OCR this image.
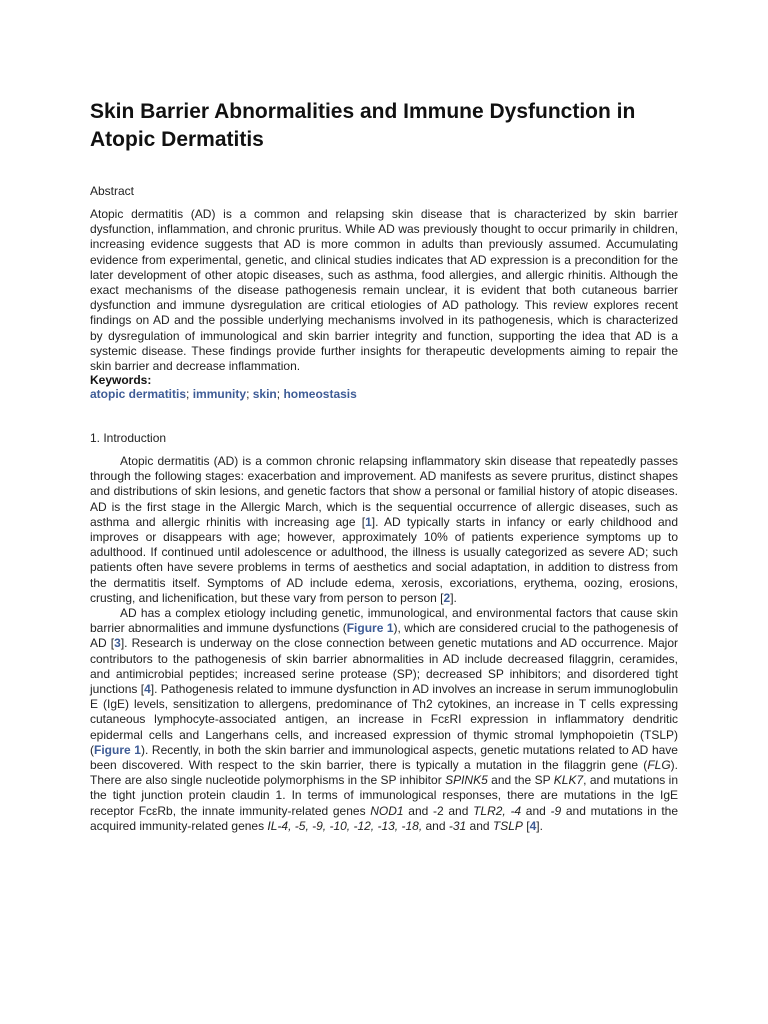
Skin Barrier Abnormalities and Immune Dysfunction in Atopic Dermatitis
Abstract

Atopic dermatitis (AD) is a common and relapsing skin disease that is characterized by skin barrier dysfunction, inflammation, and chronic pruritus. While AD was previously thought to occur primarily in children, increasing evidence suggests that AD is more common in adults than previously assumed. Accumulating evidence from experimental, genetic, and clinical studies indicates that AD expression is a precondition for the later development of other atopic diseases, such as asthma, food allergies, and allergic rhinitis. Although the exact mechanisms of the disease pathogenesis remain unclear, it is evident that both cutaneous barrier dysfunction and immune dysregulation are critical etiologies of AD pathology. This review explores recent findings on AD and the possible underlying mechanisms involved in its pathogenesis, which is characterized by dysregulation of immunological and skin barrier integrity and function, supporting the idea that AD is a systemic disease. These findings provide further insights for therapeutic developments aiming to repair the skin barrier and decrease inflammation.

Keywords:
atopic dermatitis; immunity; skin; homeostasis
1. Introduction

Atopic dermatitis (AD) is a common chronic relapsing inflammatory skin disease that repeatedly passes through the following stages: exacerbation and improvement. AD manifests as severe pruritus, distinct shapes and distributions of skin lesions, and genetic factors that show a personal or familial history of atopic diseases. AD is the first stage in the Allergic March, which is the sequential occurrence of allergic diseases, such as asthma and allergic rhinitis with increasing age [1]. AD typically starts in infancy or early childhood and improves or disappears with age; however, approximately 10% of patients experience symptoms up to adulthood. If continued until adolescence or adulthood, the illness is usually categorized as severe AD; such patients often have severe problems in terms of aesthetics and social adaptation, in addition to distress from the dermatitis itself. Symptoms of AD include edema, xerosis, excoriations, erythema, oozing, erosions, crusting, and lichenification, but these vary from person to person [2].

AD has a complex etiology including genetic, immunological, and environmental factors that cause skin barrier abnormalities and immune dysfunctions (Figure 1), which are considered crucial to the pathogenesis of AD [3]. Research is underway on the close connection between genetic mutations and AD occurrence. Major contributors to the pathogenesis of skin barrier abnormalities in AD include decreased filaggrin, ceramides, and antimicrobial peptides; increased serine protease (SP); decreased SP inhibitors; and disordered tight junctions [4]. Pathogenesis related to immune dysfunction in AD involves an increase in serum immunoglobulin E (IgE) levels, sensitization to allergens, predominance of Th2 cytokines, an increase in T cells expressing cutaneous lymphocyte-associated antigen, an increase in FcεRI expression in inflammatory dendritic epidermal cells and Langerhans cells, and increased expression of thymic stromal lymphopoietin (TSLP) (Figure 1). Recently, in both the skin barrier and immunological aspects, genetic mutations related to AD have been discovered. With respect to the skin barrier, there is typically a mutation in the filaggrin gene (FLG). There are also single nucleotide polymorphisms in the SP inhibitor SPINK5 and the SP KLK7, and mutations in the tight junction protein claudin 1. In terms of immunological responses, there are mutations in the IgE receptor FcεRb, the innate immunity-related genes NOD1 and -2 and TLR2, -4 and -9 and mutations in the acquired immunity-related genes IL-4, -5, -9, -10, -12, -13, -18, and -31 and TSLP [4].
